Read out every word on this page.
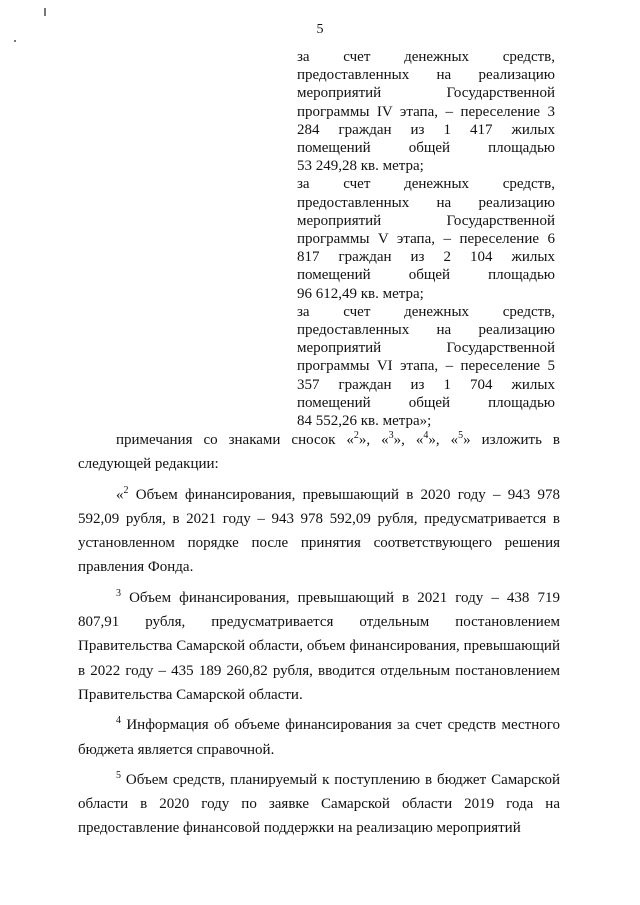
5

за счет денежных средств, предоставленных на реализацию мероприятий Государственной программы IV этапа, – переселение 3 284 граждан из 1 417 жилых помещений общей площадью
53 249,28 кв. метра;

за счет денежных средств, предоставленных на реализацию мероприятий Государственной программы V этапа, – переселение 6 817 граждан из 2 104 жилых помещений общей площадью
96 612,49 кв. метра;

за счет денежных средств, предоставленных на реализацию мероприятий Государственной программы VI этапа, – переселение 5 357 граждан из 1 704 жилых помещений общей площадью
84 552,26 кв. метра»;

примечания со знаками сносок «$^2$», «$^3$», «$^4$», «$^5$» изложить в следующей редакции:

«$^2$ Объем финансирования, превышающий в 2020 году – 943 978 592,09 рубля, в 2021 году – 943 978 592,09 рубля, предусматривается в установленном порядке после принятия соответствующего решения правления Фонда.

$^3$ Объем финансирования, превышающий в 2021 году – 438 719 807,91 рубля, предусматривается отдельным постановлением Правительства Самарской области, объем финансирования, превышающий в 2022 году – 435 189 260,82 рубля, вводится отдельным постановлением Правительства Самарской области.

$^4$ Информация об объеме финансирования за счет средств местного бюджета является справочной.

$^5$ Объем средств, планируемый к поступлению в бюджет Самарской области в 2020 году по заявке Самарской области 2019 года на предоставление финансовой поддержки на реализацию мероприятий
